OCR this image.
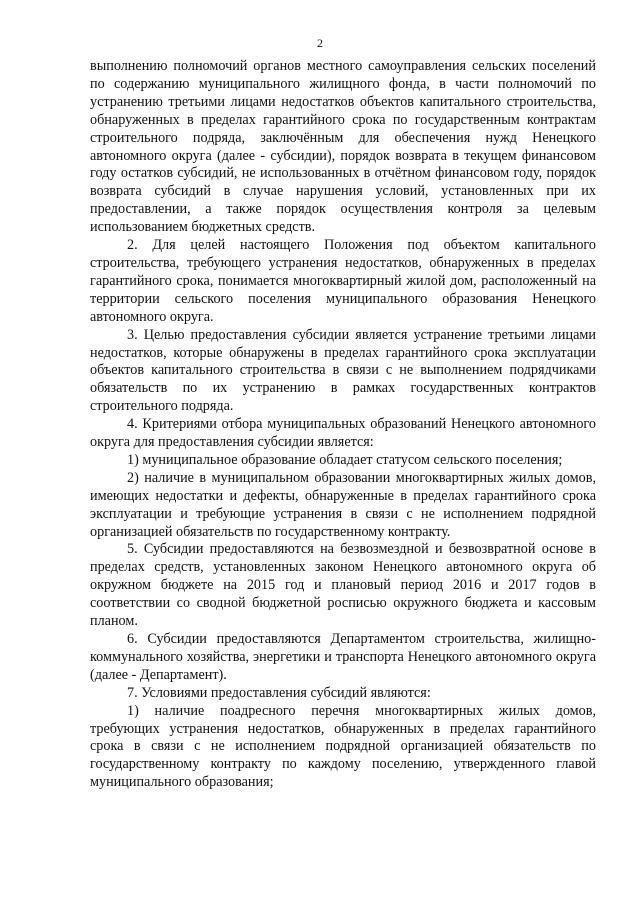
2

выполнению полномочий органов местного самоуправления сельских поселений по содержанию муниципального жилищного фонда, в части полномочий по устранению третьими лицами недостатков объектов капитального строительства, обнаруженных в пределах гарантийного срока по государственным контрактам строительного подряда, заключённым для обеспечения нужд Ненецкого автономного округа (далее - субсидии), порядок возврата в текущем финансовом году остатков субсидий, не использованных в отчётном финансовом году, порядок возврата субсидий в случае нарушения условий, установленных при их предоставлении, а также порядок осуществления контроля за целевым использованием бюджетных средств.

2. Для целей настоящего Положения под объектом капитального строительства, требующего устранения недостатков, обнаруженных в пределах гарантийного срока, понимается многоквартирный жилой дом, расположенный на территории сельского поселения муниципального образования Ненецкого автономного округа.

3. Целью предоставления субсидии является устранение третьими лицами недостатков, которые обнаружены в пределах гарантийного срока эксплуатации объектов капитального строительства в связи с не выполнением подрядчиками обязательств по их устранению в рамках государственных контрактов строительного подряда.

4. Критериями отбора муниципальных образований Ненецкого автономного округа для предоставления субсидии является:

1) муниципальное образование обладает статусом сельского поселения;

2) наличие в муниципальном образовании многоквартирных жилых домов, имеющих недостатки и дефекты, обнаруженные в пределах гарантийного срока эксплуатации и требующие устранения в связи с не исполнением подрядной организацией обязательств по государственному контракту.

5. Субсидии предоставляются на безвозмездной и безвозвратной основе в пределах средств, установленных законом Ненецкого автономного округа об окружном бюджете на 2015 год и плановый период 2016 и 2017 годов в соответствии со сводной бюджетной росписью окружного бюджета и кассовым планом.

6. Субсидии предоставляются Департаментом строительства, жилищно-коммунального хозяйства, энергетики и транспорта Ненецкого автономного округа (далее - Департамент).

7. Условиями предоставления субсидий являются:

1) наличие поадресного перечня многоквартирных жилых домов, требующих устранения недостатков, обнаруженных в пределах гарантийного срока в связи с не исполнением подрядной организацией обязательств по государственному контракту по каждому поселению, утвержденного главой муниципального образования;
